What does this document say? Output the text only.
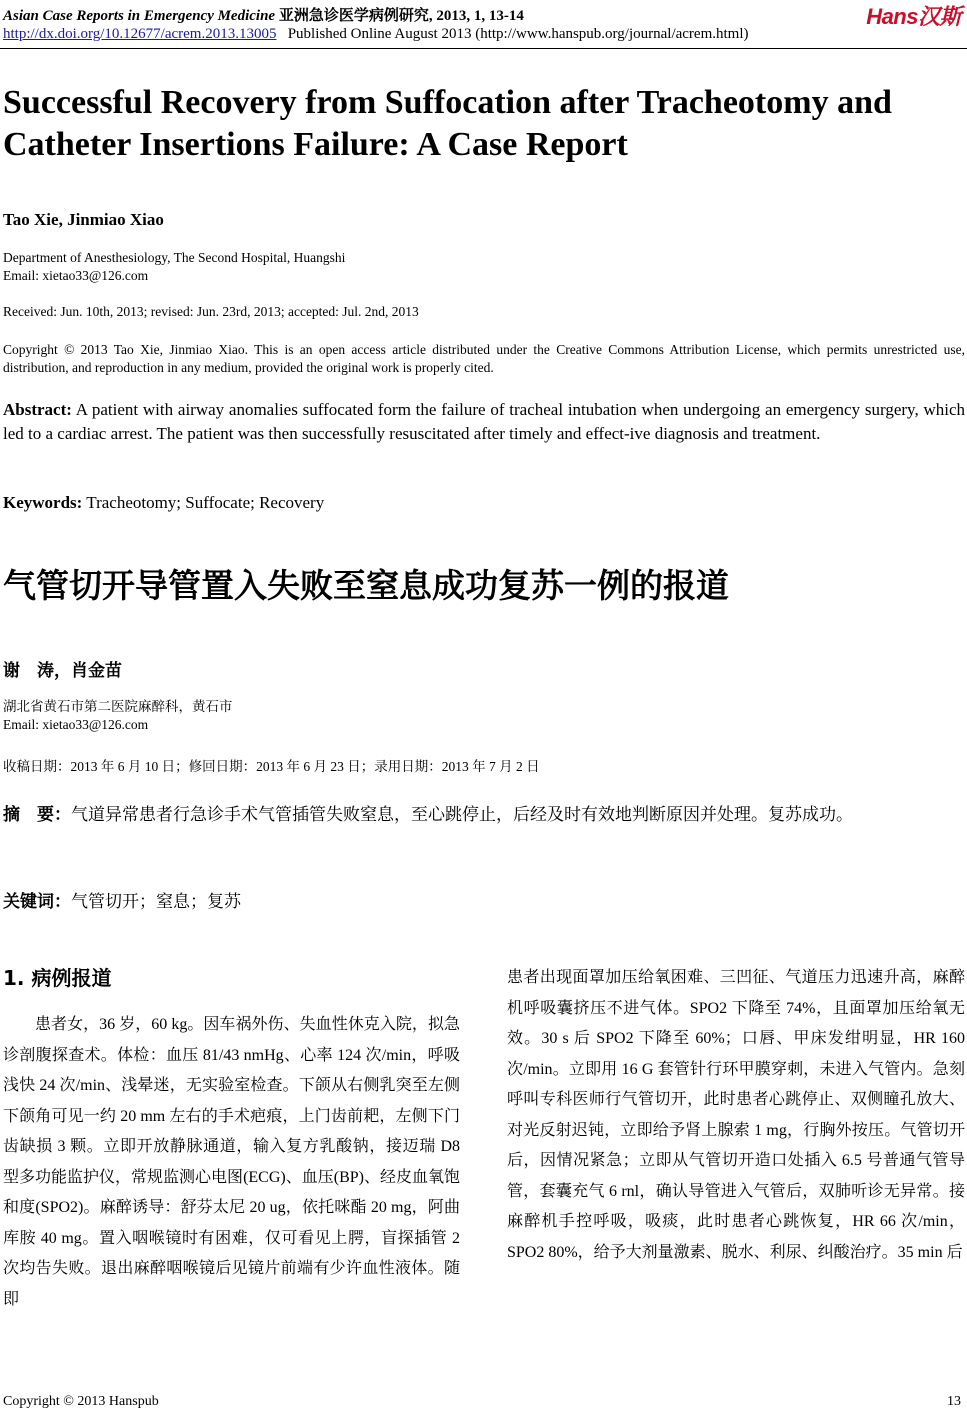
Asian Case Reports in Emergency Medicine 亚洲急诊医学病例研究, 2013, 1, 13-14	Hans汉斯
http://dx.doi.org/10.12677/acrem.2013.13005 Published Online August 2013 (http://www.hanspub.org/journal/acrem.html)
Successful Recovery from Suffocation after Tracheotomy and Catheter Insertions Failure: A Case Report
Tao Xie, Jinmiao Xiao
Department of Anesthesiology, The Second Hospital, Huangshi
Email: xietao33@126.com
Received: Jun. 10th, 2013; revised: Jun. 23rd, 2013; accepted: Jul. 2nd, 2013
Copyright © 2013 Tao Xie, Jinmiao Xiao. This is an open access article distributed under the Creative Commons Attribution License, which permits unrestricted use, distribution, and reproduction in any medium, provided the original work is properly cited.
Abstract: A patient with airway anomalies suffocated form the failure of tracheal intubation when undergoing an emergency surgery, which led to a cardiac arrest. The patient was then successfully resuscitated after timely and effect-ive diagnosis and treatment.
Keywords: Tracheotomy; Suffocate; Recovery
气管切开导管置入失败至窒息成功复苏一例的报道
谢　涛，肖金苗
湖北省黄石市第二医院麻醉科，黄石市
Email: xietao33@126.com
收稿日期：2013 年 6 月 10 日；修回日期：2013 年 6 月 23 日；录用日期：2013 年 7 月 2 日
摘　要：气道异常患者行急诊手术气管插管失败窒息，至心跳停止，后经及时有效地判断原因并处理。复苏成功。
关键词：气管切开；窒息；复苏
1. 病例报道
患者女，36 岁，60 kg。因车祸外伤、失血性休克入院，拟急诊剖腹探查术。体检：血压 81/43 nmHg、心率 124 次/min，呼吸浅快 24 次/min、浅晕迷，无实验室检查。下颌从右侧乳突至左侧下颌角可见一约 20 mm 左右的手术疤痕，上门齿前耙，左侧下门齿缺损 3 颗。立即开放静脉通道，输入复方乳酸钠，接迈瑞 D8 型多功能监护仪，常规监测心电图(ECG)、血压(BP)、经皮血氧饱和度(SPO2)。麻醉诱导：舒芬太尼 20 ug，依托咪酯 20 mg，阿曲库胺 40 mg。置入咽喉镜时有困难，仅可看见上腭，盲探插管 2 次均告失败。退出麻醉咽喉镜后见镜片前端有少许血性液体。随即
患者出现面罩加压给氧困难、三凹征、气道压力迅速升高，麻醉机呼吸囊挤压不进气体。SPO2 下降至 74%，且面罩加压给氧无效。30 s 后 SPO2 下降至 60%；口唇、甲床发绀明显，HR 160 次/min。立即用 16 G 套管针行环甲膜穿刺，未进入气管内。急刻呼叫专科医师行气管切开，此时患者心跳停止、双侧瞳孔放大、对光反射迟钝，立即给予肾上腺索 1 mg，行胸外按压。气管切开后，因情况紧急；立即从气管切开造口处插入 6.5 号普通气管导管，套囊充气 6 rnl，确认导管进入气管后，双肺听诊无异常。接麻醉机手控呼吸，吸痰，此时患者心跳恢复，HR 66 次/min，SPO2 80%，给予大剂量激素、脱水、利尿、纠酸治疗。35 min 后
Copyright © 2013 Hanspub	13
